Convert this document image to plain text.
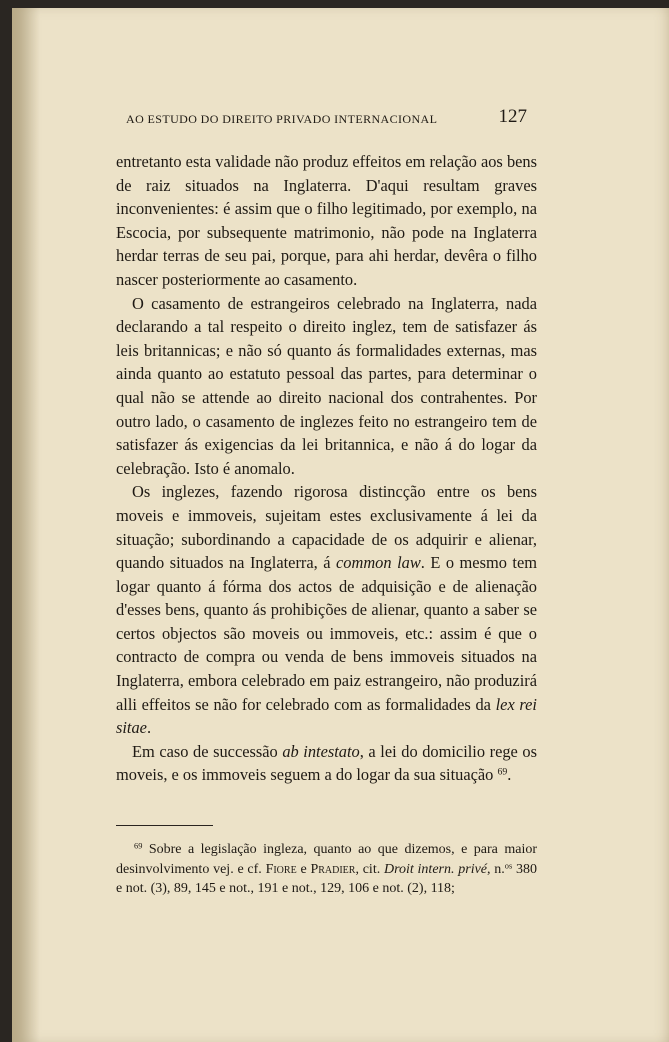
AO ESTUDO DO DIREITO PRIVADO INTERNACIONAL	127

entretanto esta validade não produz effeitos em relação aos bens de raiz situados na Inglaterra. D'aqui resultam graves inconvenientes: é assim que o filho legitimado, por exemplo, na Escocia, por subsequente matrimonio, não pode na Inglaterra herdar terras de seu pai, porque, para ahi herdar, devêra o filho nascer posteriormente ao casamento.

O casamento de estrangeiros celebrado na Inglaterra, nada declarando a tal respeito o direito inglez, tem de satisfazer ás leis britannicas; e não só quanto ás formalidades externas, mas ainda quanto ao estatuto pessoal das partes, para determinar o qual não se attende ao direito nacional dos contrahentes. Por outro lado, o casamento de inglezes feito no estrangeiro tem de satisfazer ás exigencias da lei britannica, e não á do logar da celebração. Isto é anomalo.

Os inglezes, fazendo rigorosa distincção entre os bens moveis e immoveis, sujeitam estes exclusivamente á lei da situação; subordinando a capacidade de os adquirir e alienar, quando situados na Inglaterra, á common law. E o mesmo tem logar quanto á fórma dos actos de adquisição e de alienação d'esses bens, quanto ás prohibições de alienar, quanto a saber se certos objectos são moveis ou immoveis, etc.: assim é que o contracto de compra ou venda de bens immoveis situados na Inglaterra, embora celebrado em paiz estrangeiro, não produzirá alli effeitos se não for celebrado com as formalidades da lex rei sitae.

Em caso de successão ab intestato, a lei do domicilio rege os moveis, e os immoveis seguem a do logar da sua situação $^{69}$.

$^{69}$ Sobre a legislação ingleza, quanto ao que dizemos, e para maior desinvolvimento vej. e cf. Fiore e Pradier, cit. Droit intern. privé, n.$^{os}$ 380 e not. (3), 89, 145 e not., 191 e not., 129, 106 e not. (2), 118;
